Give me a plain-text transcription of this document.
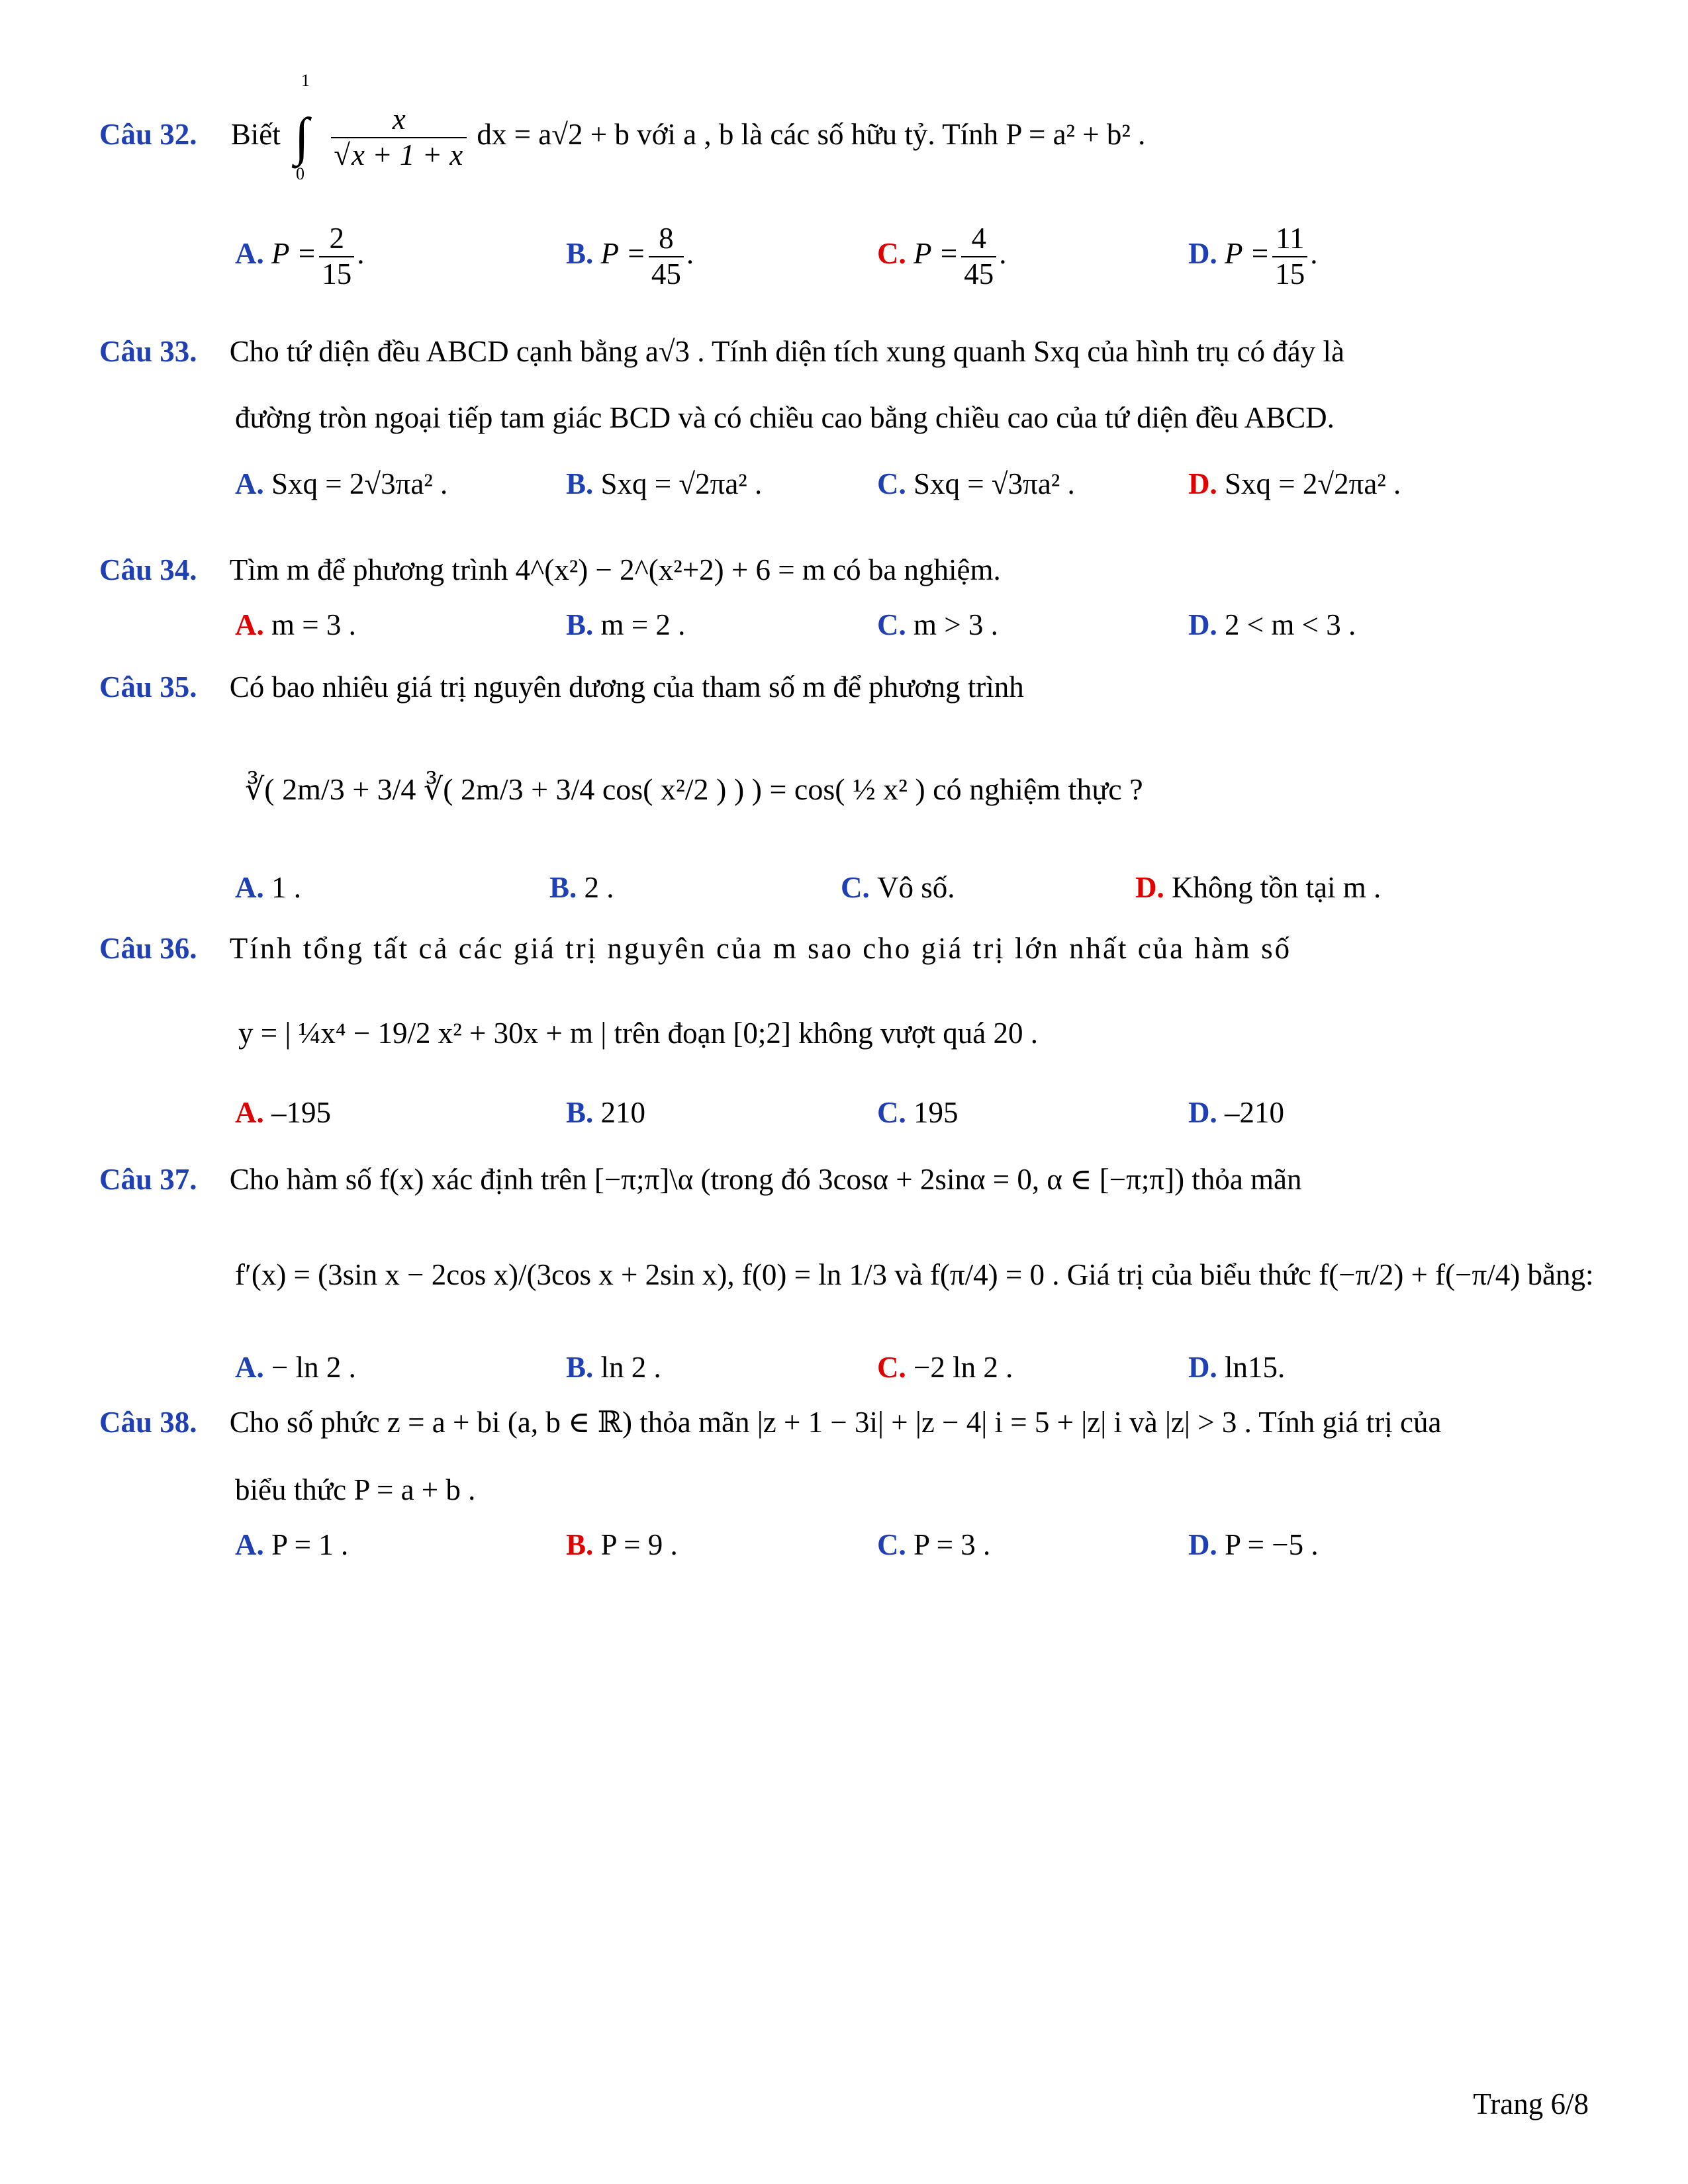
Câu 32. Biết
1
∫
0

$\frac{x}{√x + 1 + x}$ dx = a√2 + b với a , b là các số hữu tỷ. Tính P = a² + b² .
A. $P = \frac{2}{15}$ .	B. $P = \frac{8}{45}$ .	C. $P = \frac{4}{45}$ .	D. $P = \frac{11}{15}$ .
Câu 33. Cho tứ diện đều ABCD cạnh bằng a√3 . Tính diện tích xung quanh Sxq của hình trụ có đáy là
đường tròn ngoại tiếp tam giác BCD và có chiều cao bằng chiều cao của tứ diện đều ABCD.
A. Sxq = 2√3πa² .	B. Sxq = √2πa² .	C. Sxq = √3πa² .	D. Sxq = 2√2πa² .
Câu 34. Tìm m để phương trình 4^(x²) − 2^(x²+2) + 6 = m có ba nghiệm.
A. m = 3 .	B. m = 2 .	C. m > 3 .	D. 2 < m < 3 .
Câu 35. Có bao nhiêu giá trị nguyên dương của tham số m để phương trình
∛( 2m/3 + 3/4 ∛( 2m/3 + 3/4 cos( x²/2 ) ) ) = cos( ½ x² ) có nghiệm thực ?
A. 1 .	B. 2 .	C. Vô số.	D. Không tồn tại m .
Câu 36. Tính tổng tất cả các giá trị nguyên của m sao cho giá trị lớn nhất của hàm số
y = | ¼x⁴ − 19/2 x² + 30x + m | trên đoạn [0;2] không vượt quá 20 .
A. –195	B. 210	C. 195	D. –210
Câu 37. Cho hàm số f(x) xác định trên [−π;π]\α (trong đó 3cosα + 2sinα = 0, α ∈ [−π;π]) thỏa mãn
f′(x) = (3sin x − 2cos x)/(3cos x + 2sin x), f(0) = ln 1/3 và f(π/4) = 0 . Giá trị của biểu thức f(−π/2) + f(−π/4) bằng:
A. − ln 2 .	B. ln 2 .	C. −2 ln 2 .	D. ln15.
Câu 38. Cho số phức z = a + bi (a, b ∈ ℝ) thỏa mãn |z + 1 − 3i| + |z − 4| i = 5 + |z| i và |z| > 3 . Tính giá trị của
biểu thức P = a + b .
A. P = 1 .	B. P = 9 .	C. P = 3 .	D. P = −5 .
Trang 6/8
